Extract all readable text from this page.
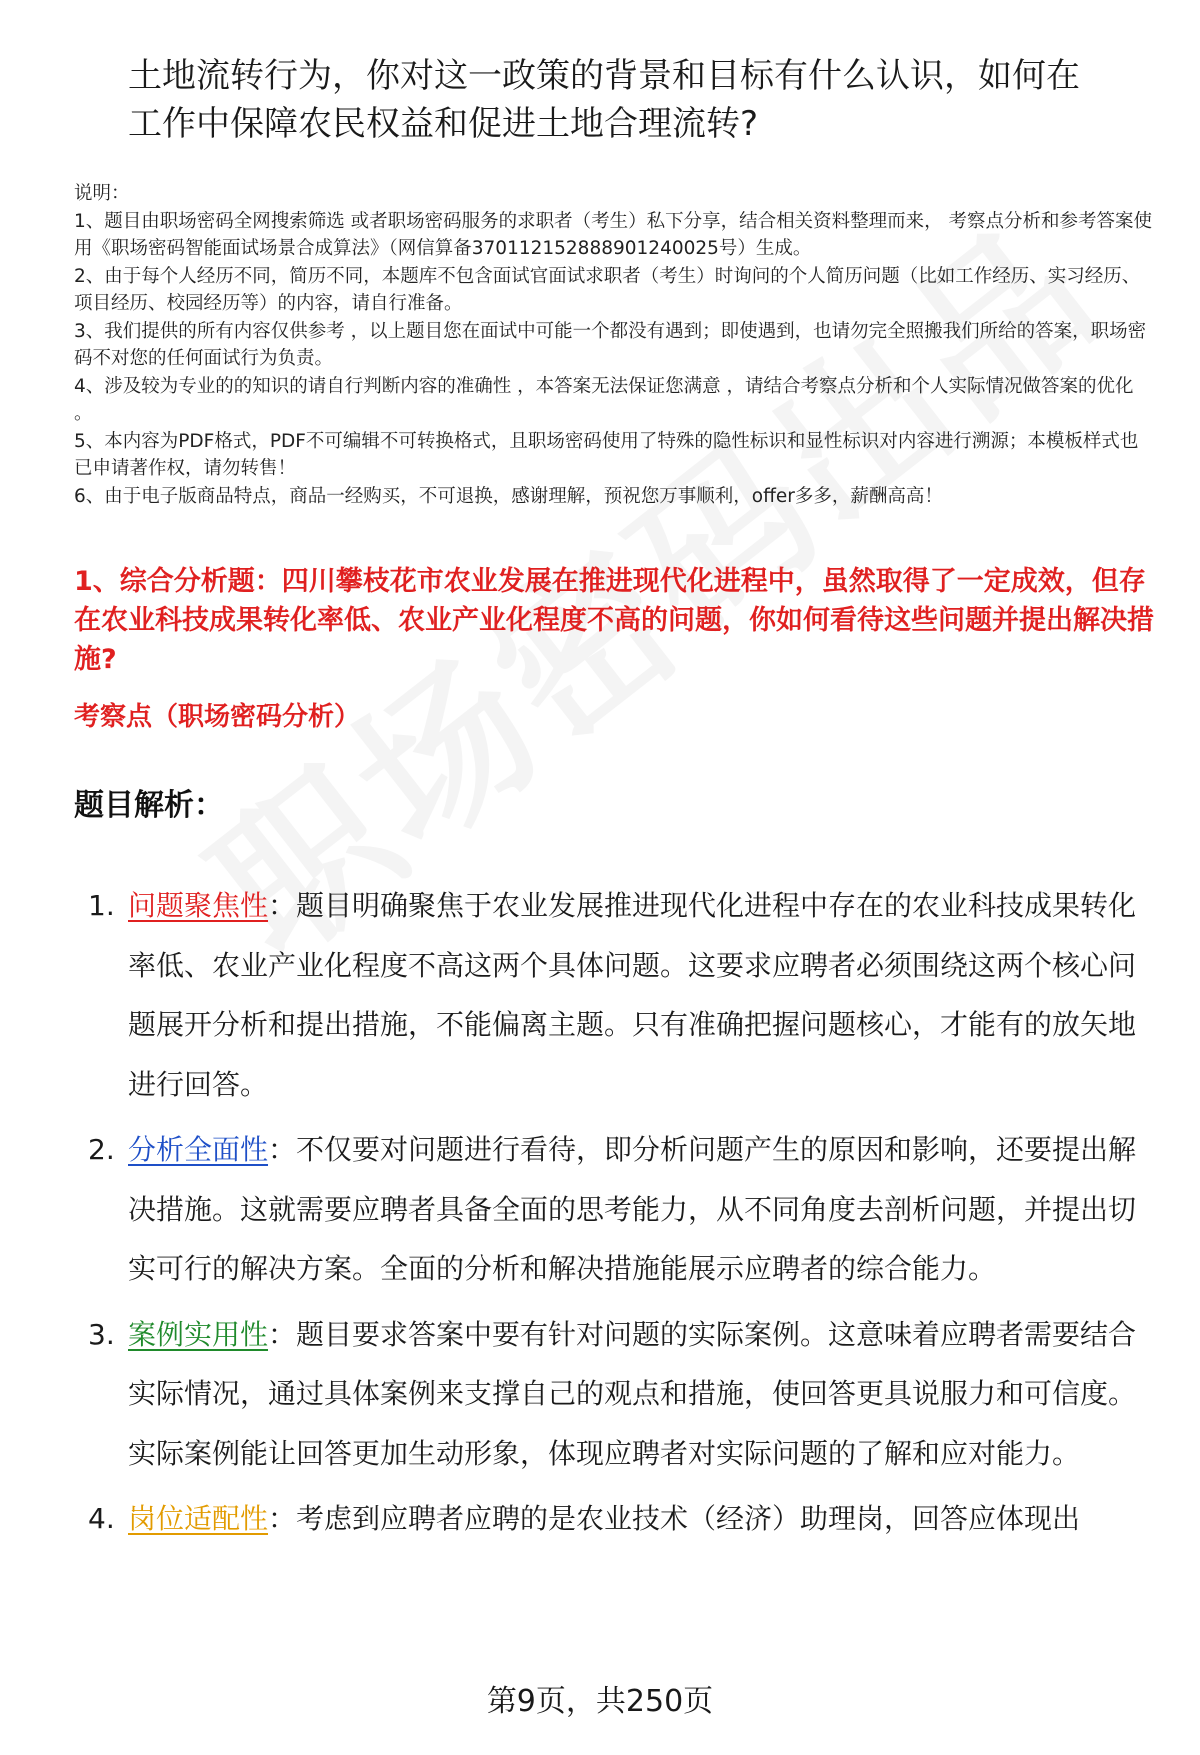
土地流转行为，你对这一政策的背景和目标有什么认识，如何在
工作中保障农民权益和促进土地合理流转?

说明：

1、题目由职场密码全网搜索筛选 或者职场密码服务的求职者（考生）私下分享，结合相关资料整理而来， 考察点分析和参考答案使用《职场密码智能面试场景合成算法》（网信算备370112152888901240025号）生成。

2、由于每个人经历不同，简历不同，本题库不包含面试官面试求职者（考生）时询问的个人简历问题（比如工作经历、实习经历、项目经历、校园经历等）的内容，请自行准备。

3、我们提供的所有内容仅供参考 ，以上题目您在面试中可能一个都没有遇到；即使遇到，也请勿完全照搬我们所给的答案，职场密码不对您的任何面试行为负责。

4、涉及较为专业的的知识的请自行判断内容的准确性 ，本答案无法保证您满意 ，请结合考察点分析和个人实际情况做答案的优化 。

5、本内容为PDF格式，PDF不可编辑不可转换格式，且职场密码使用了特殊的隐性标识和显性标识对内容进行溯源；本模板样式也已申请著作权，请勿转售！

6、由于电子版商品特点，商品一经购买，不可退换，感谢理解，预祝您万事顺利，offer多多，薪酬高高！

1、综合分析题：四川攀枝花市农业发展在推进现代化进程中，虽然取得了一定成效，但存在农业科技成果转化率低、农业产业化程度不高的问题，你如何看待这些问题并提出解决措施?
考察点（职场密码分析）
题目解析：
1. 问题聚焦性：题目明确聚焦于农业发展推进现代化进程中存在的农业科技成果转化率低、农业产业化程度不高这两个具体问题。这要求应聘者必须围绕这两个核心问题展开分析和提出措施，不能偏离主题。只有准确把握问题核心，才能有的放矢地进行回答。
2. 分析全面性：不仅要对问题进行看待，即分析问题产生的原因和影响，还要提出解决措施。这就需要应聘者具备全面的思考能力，从不同角度去剖析问题，并提出切实可行的解决方案。全面的分析和解决措施能展示应聘者的综合能力。
3. 案例实用性：题目要求答案中要有针对问题的实际案例。这意味着应聘者需要结合实际情况，通过具体案例来支撑自己的观点和措施，使回答更具说服力和可信度。实际案例能让回答更加生动形象，体现应聘者对实际问题的了解和应对能力。
4. 岗位适配性：考虑到应聘者应聘的是农业技术（经济）助理岗，回答应体现出
第9页，共250页
